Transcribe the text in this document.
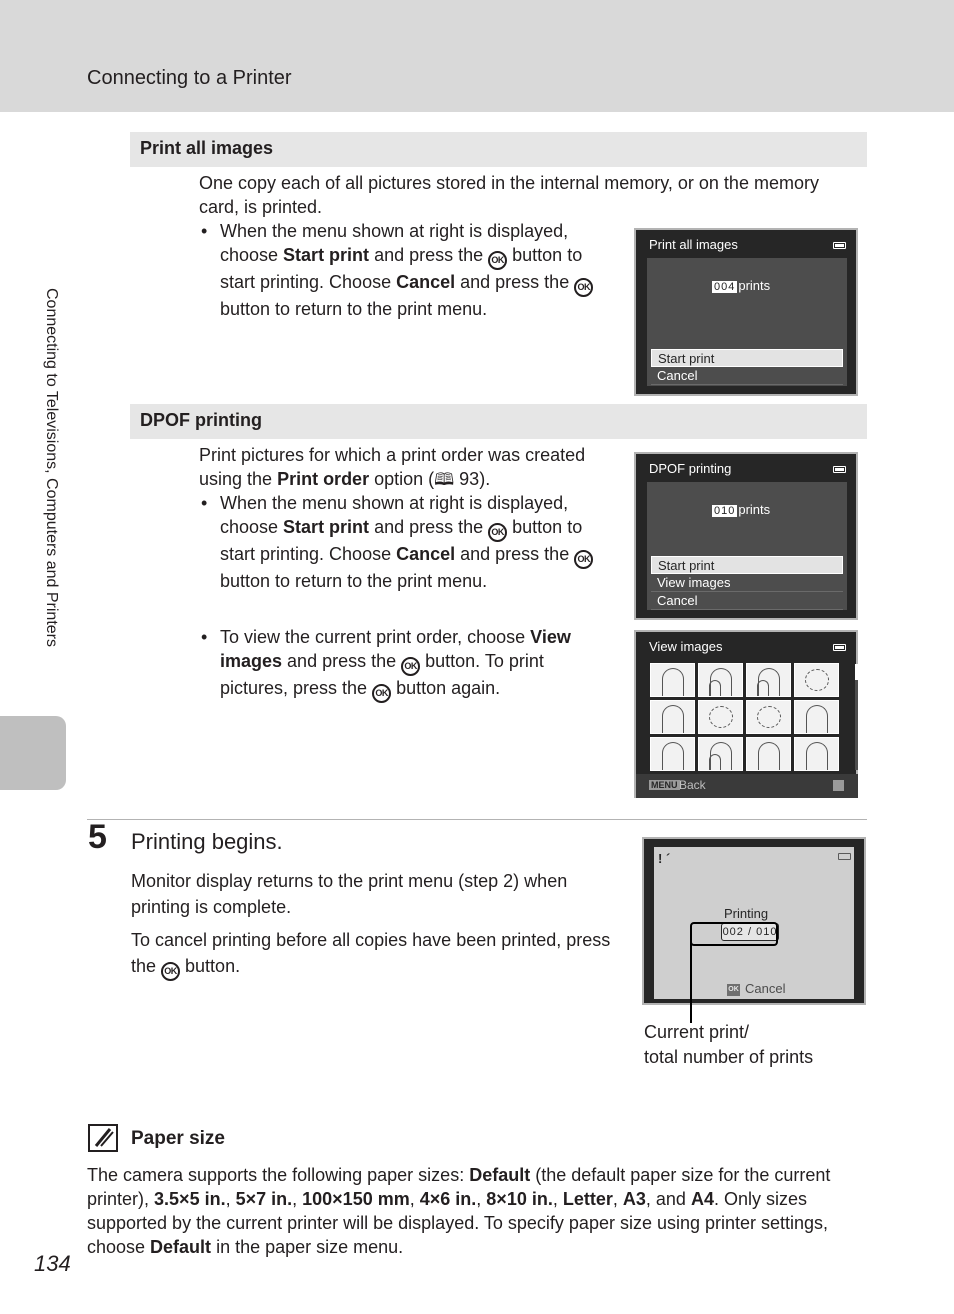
Connecting to a Printer
Connecting to Televisions, Computers and Printers
Print all images

One copy each of all pictures stored in the internal memory, or on the memory card, is printed.

• When the menu shown at right is displayed, choose Start print and press the OK button to start printing. Choose Cancel and press the OK button to return to the print menu.

Print all images
004 prints
Start print
Cancel
DPOF printing

Print pictures for which a print order was created using the Print order option (🕮 93).

• When the menu shown at right is displayed, choose Start print and press the OK button to start printing. Choose Cancel and press the OK button to return to the print menu.

• To view the current print order, choose View images and press the OK button. To print pictures, press the OK button again.

DPOF printing
010 prints
Start print
View images
Cancel
View images
MENU Back
5 Printing begins.

Monitor display returns to the print menu (step 2) when printing is complete.

To cancel printing before all copies have been printed, press the OK button.

! ´
Printing
002 / 010
OK Cancel
Current print/
total number of prints
Paper size

The camera supports the following paper sizes: Default (the default paper size for the current printer), 3.5×5 in., 5×7 in., 100×150 mm, 4×6 in., 8×10 in., Letter, A3, and A4. Only sizes supported by the current printer will be displayed. To specify paper size using printer settings, choose Default in the paper size menu.

134
